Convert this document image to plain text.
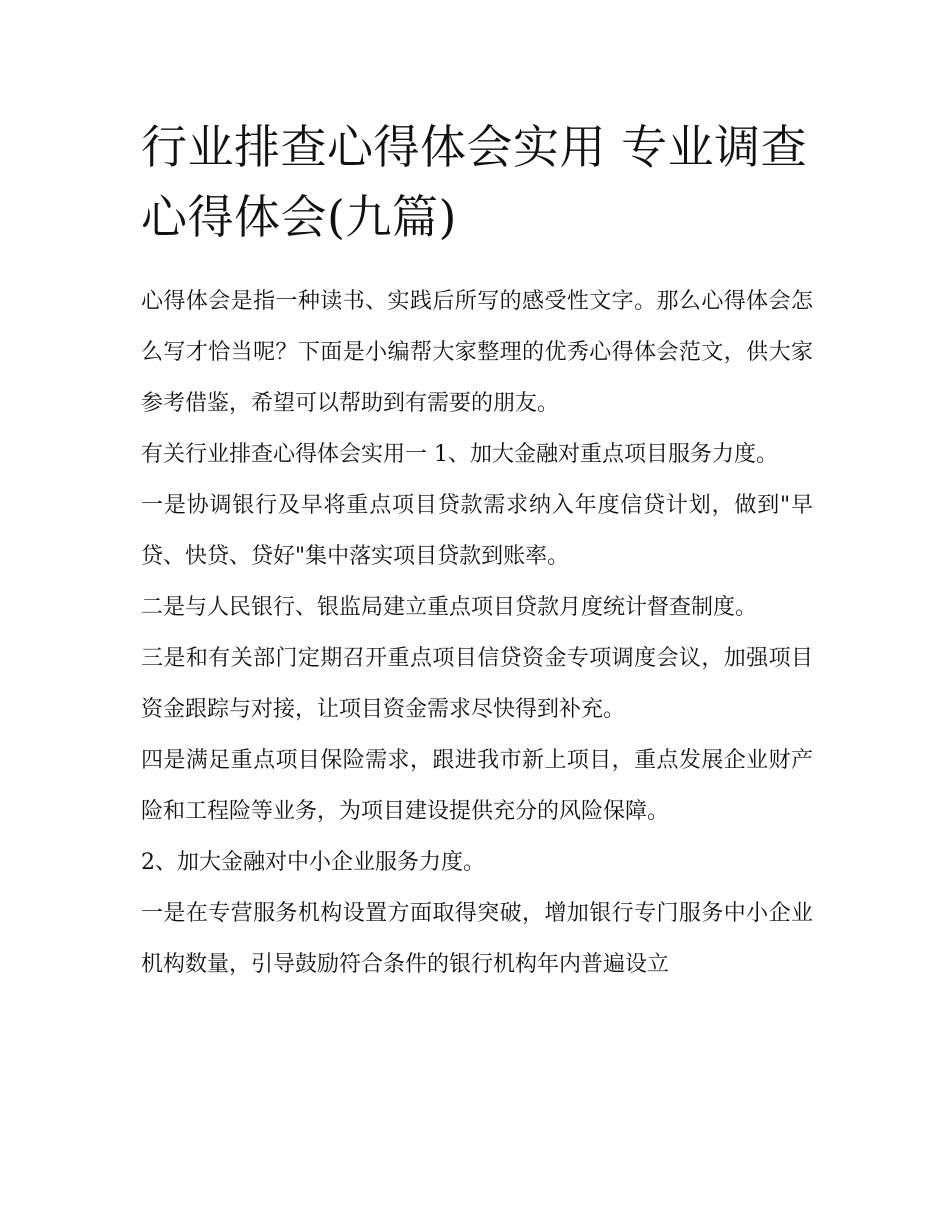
行业排查心得体会实用 专业调查心得体会(九篇)

心得体会是指一种读书、实践后所写的感受性文字。那么心得体会怎么写才恰当呢？下面是小编帮大家整理的优秀心得体会范文，供大家参考借鉴，希望可以帮助到有需要的朋友。

有关行业排查心得体会实用一 1、加大金融对重点项目服务力度。

一是协调银行及早将重点项目贷款需求纳入年度信贷计划，做到"早贷、快贷、贷好"集中落实项目贷款到账率。

二是与人民银行、银监局建立重点项目贷款月度统计督查制度。

三是和有关部门定期召开重点项目信贷资金专项调度会议，加强项目资金跟踪与对接，让项目资金需求尽快得到补充。

四是满足重点项目保险需求，跟进我市新上项目，重点发展企业财产险和工程险等业务，为项目建设提供充分的风险保障。

2、加大金融对中小企业服务力度。

一是在专营服务机构设置方面取得突破，增加银行专门服务中小企业机构数量，引导鼓励符合条件的银行机构年内普遍设立
